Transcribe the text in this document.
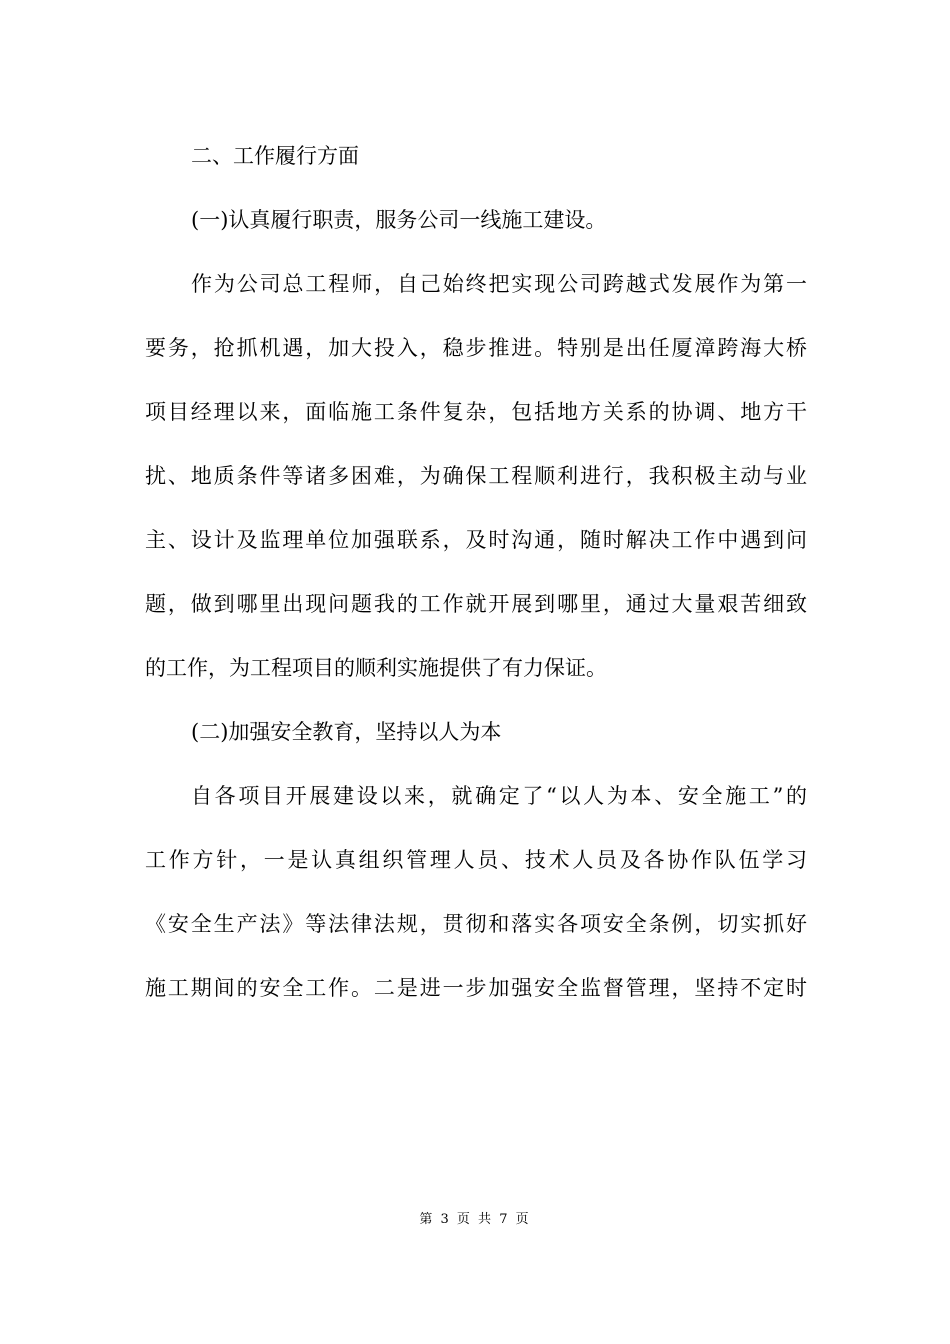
二、工作履行方面
(一)认真履行职责，服务公司一线施工建设。
作为公司总工程师，自己始终把实现公司跨越式发展作为第一
要务，抢抓机遇，加大投入，稳步推进。特别是出任厦漳跨海大桥
项目经理以来，面临施工条件复杂，包括地方关系的协调、地方干
扰、地质条件等诸多困难，为确保工程顺利进行，我积极主动与业
主、设计及监理单位加强联系，及时沟通，随时解决工作中遇到问
题，做到哪里出现问题我的工作就开展到哪里，通过大量艰苦细致
的工作，为工程项目的顺利实施提供了有力保证。
(二)加强安全教育，坚持以人为本
自各项目开展建设以来，就确定了“以人为本、安全施工”的
工作方针，一是认真组织管理人员、技术人员及各协作队伍学习
《安全生产法》等法律法规，贯彻和落实各项安全条例，切实抓好
施工期间的安全工作。二是进一步加强安全监督管理，坚持不定时
第 3 页 共 7 页
